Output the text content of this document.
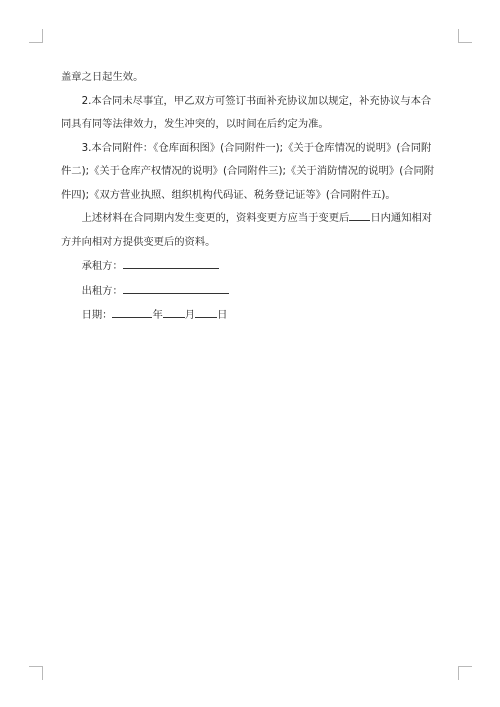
盖章之日起生效。

2.本合同未尽事宜，甲乙双方可签订书面补充协议加以规定，补充协议与本合同具有同等法律效力，发生冲突的，以时间在后约定为准。

3.本合同附件：《仓库面积图》(合同附件一);《关于仓库情况的说明》(合同附件二);《关于仓库产权情况的说明》(合同附件三);《关于消防情况的说明》(合同附件四);《双方营业执照、组织机构代码证、税务登记证等》(合同附件五)。

上述材料在合同期内发生变更的，资料变更方应当于变更后 日内通知相对方并向相对方提供变更后的资料。

承租方：

出租方：

日期：	年 月 日
